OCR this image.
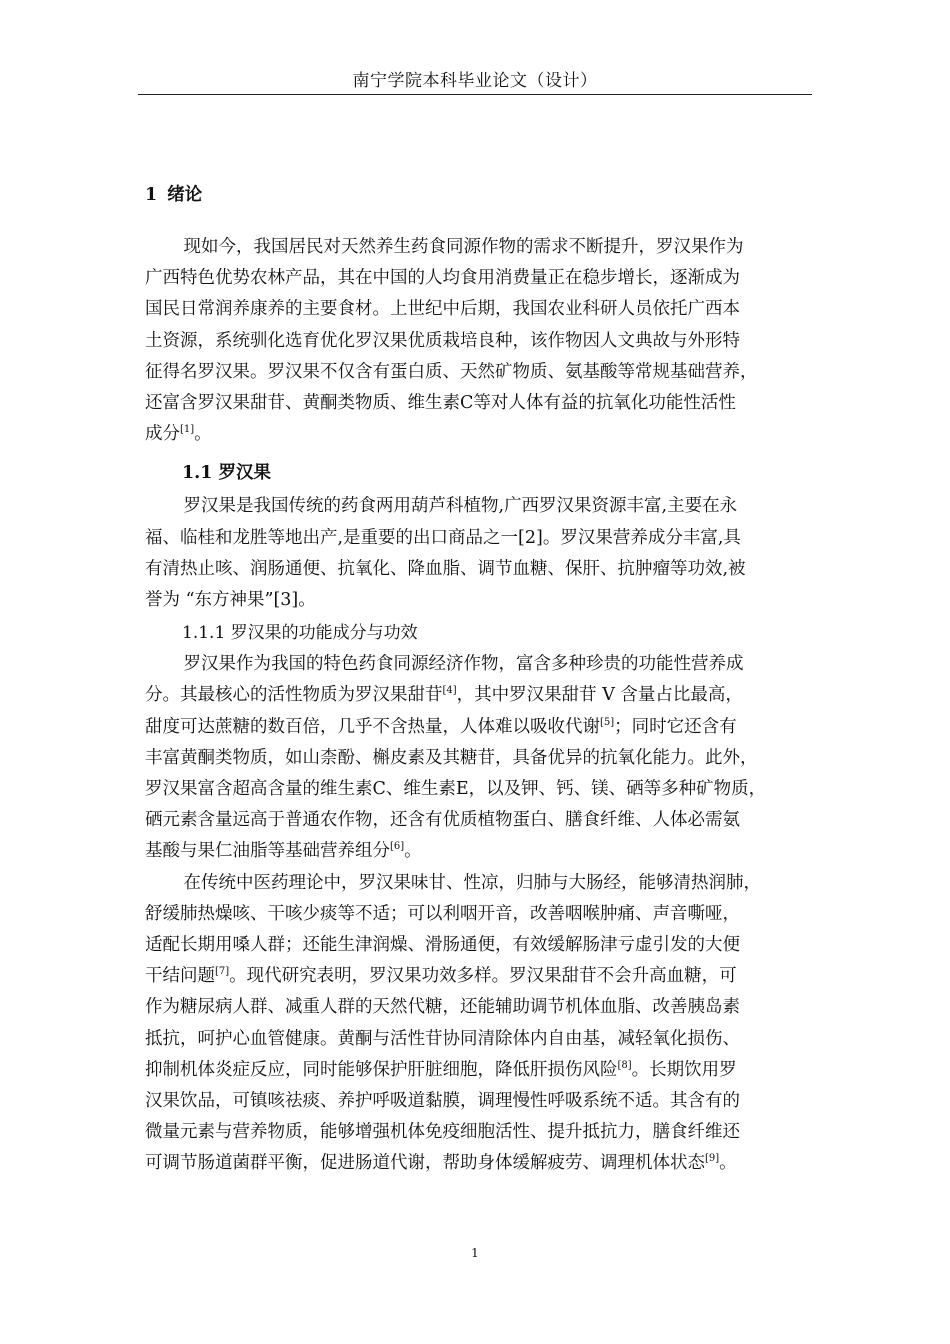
南宁学院本科毕业论文（设计）
1 绪论
现如今，我国居民对天然养生药食同源作物的需求不断提升，罗汉果作为
广西特色优势农林产品，其在中国的人均食用消费量正在稳步增长，逐渐成为
国民日常润养康养的主要食材。上世纪中后期，我国农业科研人员依托广西本
土资源，系统驯化选育优化罗汉果优质栽培良种，该作物因人文典故与外形特
征得名罗汉果。罗汉果不仅含有蛋白质、天然矿物质、氨基酸等常规基础营养，
还富含罗汉果甜苷、黄酮类物质、维生素C等对人体有益的抗氧化功能性活性
成分[1]。
1.1 罗汉果
罗汉果是我国传统的药食两用葫芦科植物,广西罗汉果资源丰富,主要在永
福、临桂和龙胜等地出产,是重要的出口商品之一[2]。罗汉果营养成分丰富,具
有清热止咳、润肠通便、抗氧化、降血脂、调节血糖、保肝、抗肿瘤等功效,被
誉为 “东方神果”[3]。
1.1.1 罗汉果的功能成分与功效
罗汉果作为我国的特色药食同源经济作物，富含多种珍贵的功能性营养成
分。其最核心的活性物质为罗汉果甜苷[4]，其中罗汉果甜苷 Ⅴ 含量占比最高，
甜度可达蔗糖的数百倍，几乎不含热量，人体难以吸收代谢[5]；同时它还含有
丰富黄酮类物质，如山柰酚、槲皮素及其糖苷，具备优异的抗氧化能力。此外，
罗汉果富含超高含量的维生素C、维生素E，以及钾、钙、镁、硒等多种矿物质，
硒元素含量远高于普通农作物，还含有优质植物蛋白、膳食纤维、人体必需氨
基酸与果仁油脂等基础营养组分[6]。
在传统中医药理论中，罗汉果味甘、性凉，归肺与大肠经，能够清热润肺，
舒缓肺热燥咳、干咳少痰等不适；可以利咽开音，改善咽喉肿痛、声音嘶哑，
适配长期用嗓人群；还能生津润燥、滑肠通便，有效缓解肠津亏虚引发的大便
干结问题[7]。现代研究表明，罗汉果功效多样。罗汉果甜苷不会升高血糖，可
作为糖尿病人群、减重人群的天然代糖，还能辅助调节机体血脂、改善胰岛素
抵抗，呵护心血管健康。黄酮与活性苷协同清除体内自由基，减轻氧化损伤、
抑制机体炎症反应，同时能够保护肝脏细胞，降低肝损伤风险[8]。长期饮用罗
汉果饮品，可镇咳祛痰、养护呼吸道黏膜，调理慢性呼吸系统不适。其含有的
微量元素与营养物质，能够增强机体免疫细胞活性、提升抵抗力，膳食纤维还
可调节肠道菌群平衡，促进肠道代谢，帮助身体缓解疲劳、调理机体状态[9]。
1
